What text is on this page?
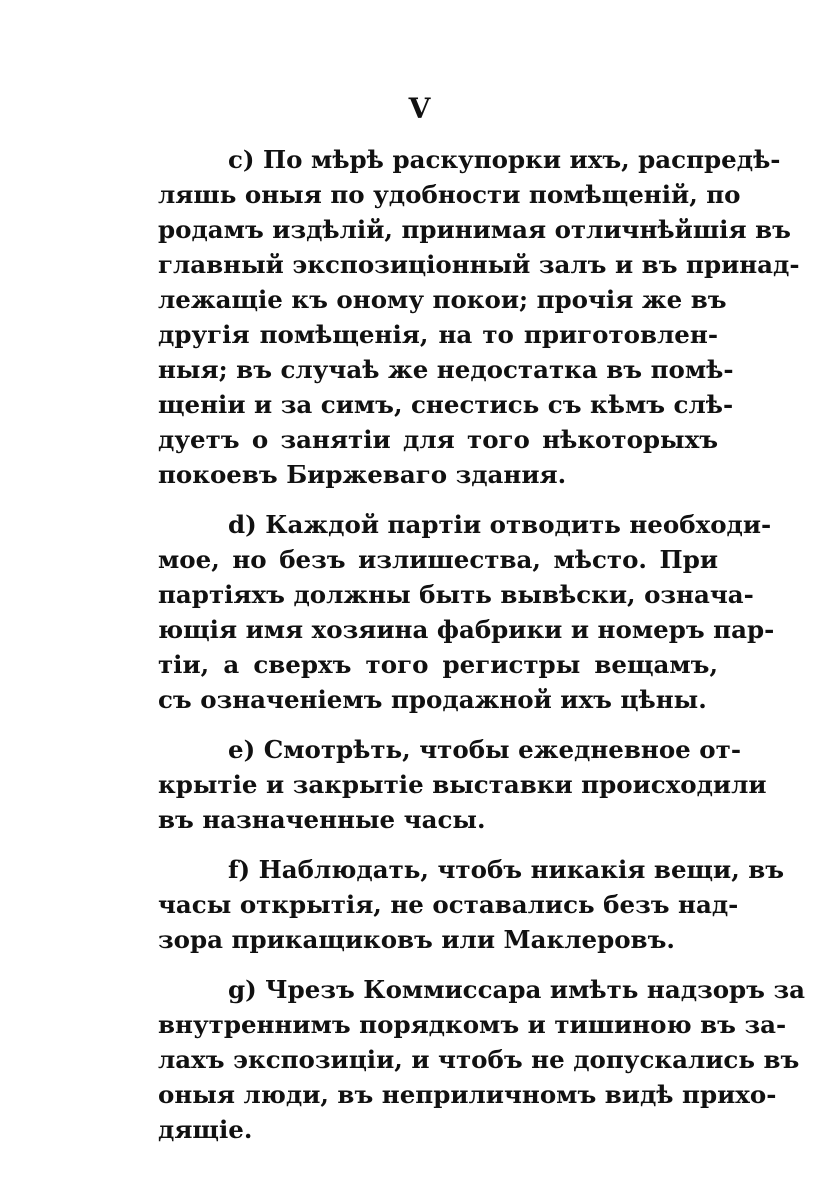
V
с) По мѣрѣ раскупорки ихъ, распредѣ-
ляшь оныя по удобности помѣщеній, по
родамъ издѣлій, принимая отличнѣйшія въ
главный экспозиціонный залъ и въ принад-
лежащіе къ оному покои; прочія же въ
другія помѣщенія, на то приготовлен-
ныя; въ случаѣ же недостатка въ помѣ-
щеніи и за симъ, снестись съ кѣмъ слѣ-
дуетъ о занятіи для того нѣкоторыхъ
покоевъ Биржеваго здания.
d) Каждой партіи отводить необходи-
мое, но безъ излишества, мѣсто. При
партіяхъ должны быть вывѣски, означа-
ющія имя хозяина фабрики и номеръ пар-
тіи, а сверхъ того регистры вещамъ,
съ означеніемъ продажной ихъ цѣны.
е) Смотрѣть, чтобы ежедневное от-
крытіе и закрытіе выставки происходили
въ назначенные часы.
f) Наблюдать, чтобъ никакія вещи, въ
часы открытія, не оставались безъ над-
зора прикащиковъ или Маклеровъ.
g) Чрезъ Коммиссара имѣть надзоръ за
внутреннимъ порядкомъ и тишиною въ за-
лахъ экспозиціи, и чтобъ не допускались въ
оныя люди, въ неприличномъ видѣ прихо-
дящіе.
